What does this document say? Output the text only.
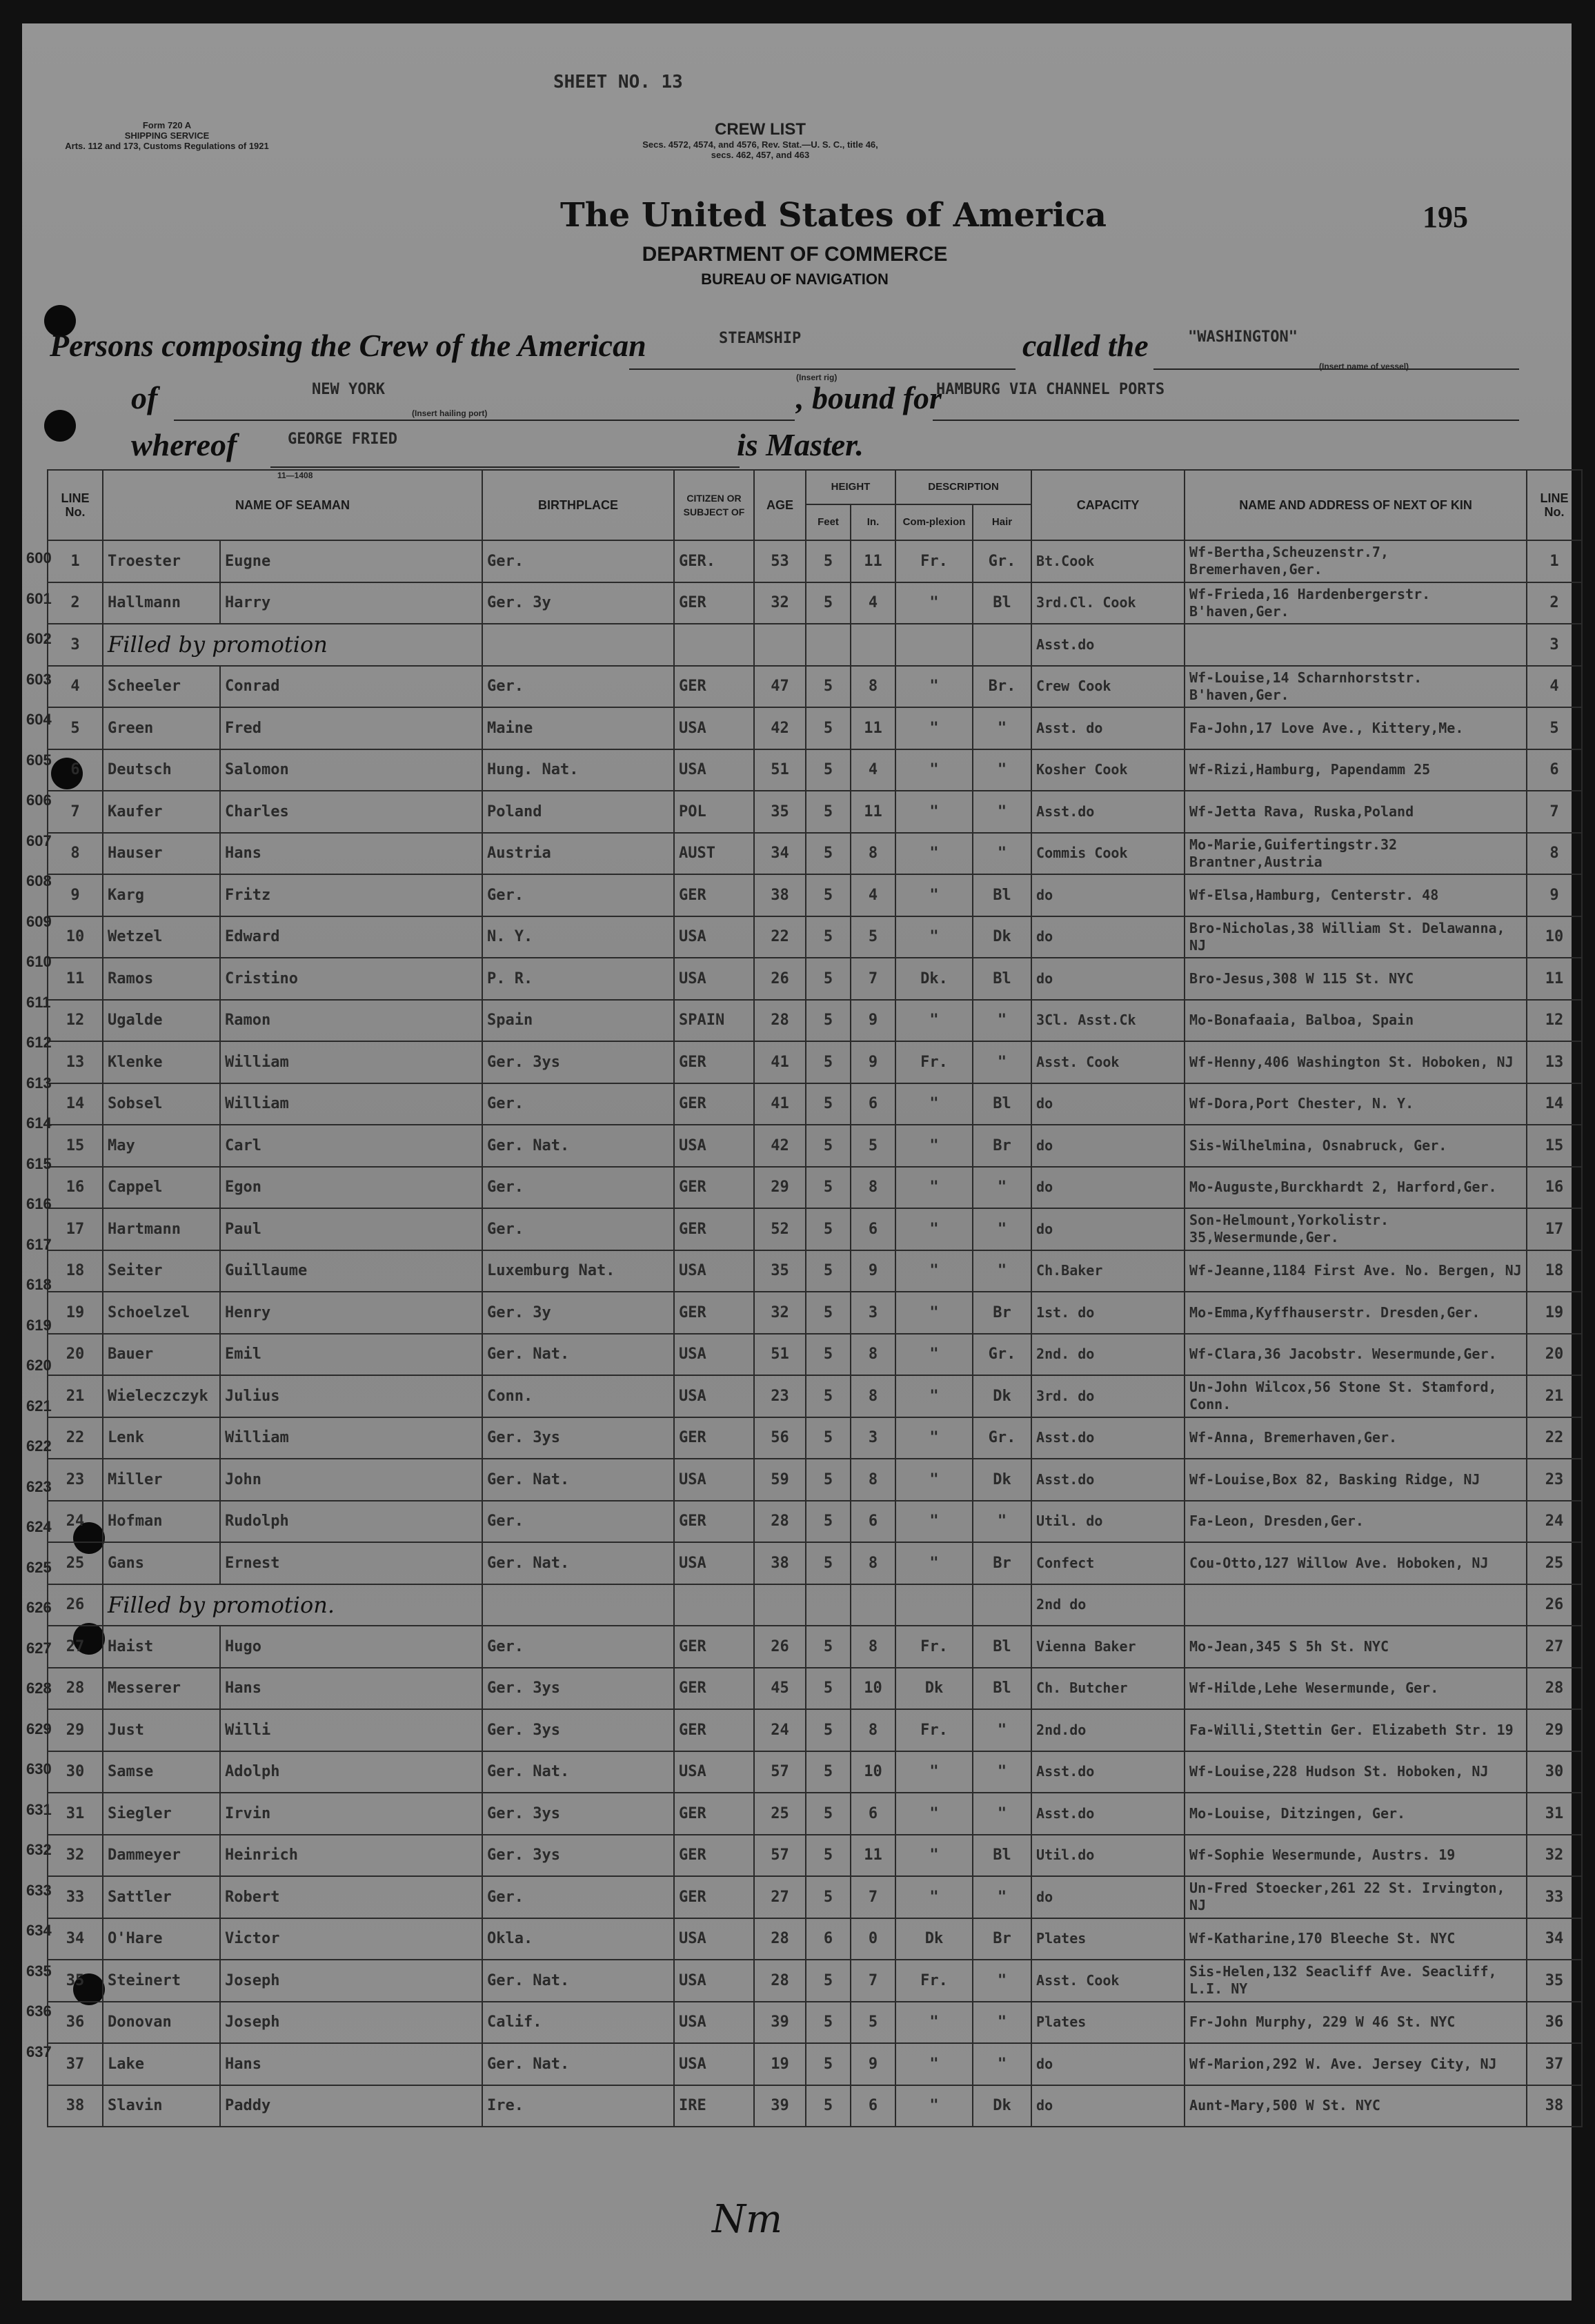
SHEET NO. 13
Form 720 A
SHIPPING SERVICE
Arts. 112 and 173, Customs Regulations of 1921
CREW LIST
Secs. 4572, 4574, and 4576, Rev. Stat.—U. S. C., title 46,
secs. 462, 457, and 463
The United States of America	195
DEPARTMENT OF COMMERCE
BUREAU OF NAVIGATION
Persons composing the Crew of the American	STEAMSHIP
(Insert rig)
called the	"WASHINGTON"
(Insert name of vessel)
of	NEW YORK
(Insert hailing port)	, bound for
HAMBURG VIA CHANNEL PORTS
whereof	GEORGE FRIED
11—1408
is Master.
LINE No.	NAME OF SEAMAN		BIRTHPLACE	CITIZEN OR SUBJECT OF	AGE	HEIGHT		DESCRIPTION		CAPACITY	NAME AND ADDRESS OF NEXT OF KIN	LINE No.
						Feet	In.	Com-plexion	Hair			
1	Troester	Eugne	Ger.	GER.	53	5	11	Fr.	Gr.	Bt.Cook	Wf-Bertha,Scheuzenstr.7, Bremerhaven,Ger.	1
2	Hallmann	Harry	Ger. 3y	GER	32	5	4	"	Bl	3rd.Cl. Cook	Wf-Frieda,16 Hardenbergerstr. B'haven,Ger.	2
3	Filled by promotion									Asst.do		3
4	Scheeler	Conrad	Ger.	GER	47	5	8	"	Br.	Crew Cook	Wf-Louise,14 Scharnhorststr. B'haven,Ger.	4
5	Green	Fred	Maine	USA	42	5	11	"	"	Asst. do	Fa-John,17 Love Ave., Kittery,Me.	5
6	Deutsch	Salomon	Hung. Nat.	USA	51	5	4	"	"	Kosher Cook	Wf-Rizi,Hamburg, Papendamm 25	6
7	Kaufer	Charles	Poland	POL	35	5	11	"	"	Asst.do	Wf-Jetta Rava, Ruska,Poland	7
8	Hauser	Hans	Austria	AUST	34	5	8	"	"	Commis Cook	Mo-Marie,Guifertingstr.32 Brantner,Austria	8
9	Karg	Fritz	Ger.	GER	38	5	4	"	Bl	do	Wf-Elsa,Hamburg, Centerstr. 48	9
10	Wetzel	Edward	N. Y.	USA	22	5	5	"	Dk	do	Bro-Nicholas,38 William St. Delawanna, NJ	10
11	Ramos	Cristino	P. R.	USA	26	5	7	Dk.	Bl	do	Bro-Jesus,308 W 115 St. NYC	11
12	Ugalde	Ramon	Spain	SPAIN	28	5	9	"	"	3Cl. Asst.Ck	Mo-Bonafaaia, Balboa, Spain	12
13	Klenke	William	Ger. 3ys	GER	41	5	9	Fr.	"	Asst. Cook	Wf-Henny,406 Washington St. Hoboken, NJ	13
14	Sobsel	William	Ger.	GER	41	5	6	"	Bl	do	Wf-Dora,Port Chester, N. Y.	14
15	May	Carl	Ger. Nat.	USA	42	5	5	"	Br	do	Sis-Wilhelmina, Osnabruck, Ger.	15
16	Cappel	Egon	Ger.	GER	29	5	8	"	"	do	Mo-Auguste,Burckhardt 2, Harford,Ger.	16
17	Hartmann	Paul	Ger.	GER	52	5	6	"	"	do	Son-Helmount,Yorkolistr. 35,Wesermunde,Ger.	17
18	Seiter	Guillaume	Luxemburg Nat.	USA	35	5	9	"	"	Ch.Baker	Wf-Jeanne,1184 First Ave. No. Bergen, NJ	18
19	Schoelzel	Henry	Ger. 3y	GER	32	5	3	"	Br	1st. do	Mo-Emma,Kyffhauserstr. Dresden,Ger.	19
20	Bauer	Emil	Ger. Nat.	USA	51	5	8	"	Gr.	2nd. do	Wf-Clara,36 Jacobstr. Wesermunde,Ger.	20
21	Wieleczczyk	Julius	Conn.	USA	23	5	8	"	Dk	3rd. do	Un-John Wilcox,56 Stone St. Stamford, Conn.	21
22	Lenk	William	Ger. 3ys	GER	56	5	3	"	Gr.	Asst.do	Wf-Anna, Bremerhaven,Ger.	22
23	Miller	John	Ger. Nat.	USA	59	5	8	"	Dk	Asst.do	Wf-Louise,Box 82, Basking Ridge, NJ	23
24	Hofman	Rudolph	Ger.	GER	28	5	6	"	"	Util. do	Fa-Leon, Dresden,Ger.	24
25	Gans	Ernest	Ger. Nat.	USA	38	5	8	"	Br	Confect	Cou-Otto,127 Willow Ave. Hoboken, NJ	25
26	Filled by promotion.									2nd do		26
27	Haist	Hugo	Ger.	GER	26	5	8	Fr.	Bl	Vienna Baker	Mo-Jean,345 S 5h St. NYC	27
28	Messerer	Hans	Ger. 3ys	GER	45	5	10	Dk	Bl	Ch. Butcher	Wf-Hilde,Lehe Wesermunde, Ger.	28
29	Just	Willi	Ger. 3ys	GER	24	5	8	Fr.	"	2nd.do	Fa-Willi,Stettin Ger. Elizabeth Str. 19	29
30	Samse	Adolph	Ger. Nat.	USA	57	5	10	"	"	Asst.do	Wf-Louise,228 Hudson St. Hoboken, NJ	30
31	Siegler	Irvin	Ger. 3ys	GER	25	5	6	"	"	Asst.do	Mo-Louise, Ditzingen, Ger.	31
32	Dammeyer	Heinrich	Ger. 3ys	GER	57	5	11	"	Bl	Util.do	Wf-Sophie Wesermunde, Austrs. 19	32
33	Sattler	Robert	Ger.	GER	27	5	7	"	"	do	Un-Fred Stoecker,261 22 St. Irvington, NJ	33
34	O'Hare	Victor	Okla.	USA	28	6	0	Dk	Br	Plates	Wf-Katharine,170 Bleeche St. NYC	34
35	Steinert	Joseph	Ger. Nat.	USA	28	5	7	Fr.	"	Asst. Cook	Sis-Helen,132 Seacliff Ave. Seacliff, L.I. NY	35
36	Donovan	Joseph	Calif.	USA	39	5	5	"	"	Plates	Fr-John Murphy, 229 W 46 St. NYC	36
37	Lake	Hans	Ger. Nat.	USA	19	5	9	"	"	do	Wf-Marion,292 W. Ave. Jersey City, NJ	37
38	Slavin	Paddy	Ire.	IRE	39	5	6	"	Dk	do	Aunt-Mary,500 W St. NYC	38
Nm
600
601
602
603
604
605
606
607
608
609
610
611
612
613
614
615
616
617
618
619
620
621
622
623
624
625
626
627
628
629
630
631
632
633
634
635
636
637
